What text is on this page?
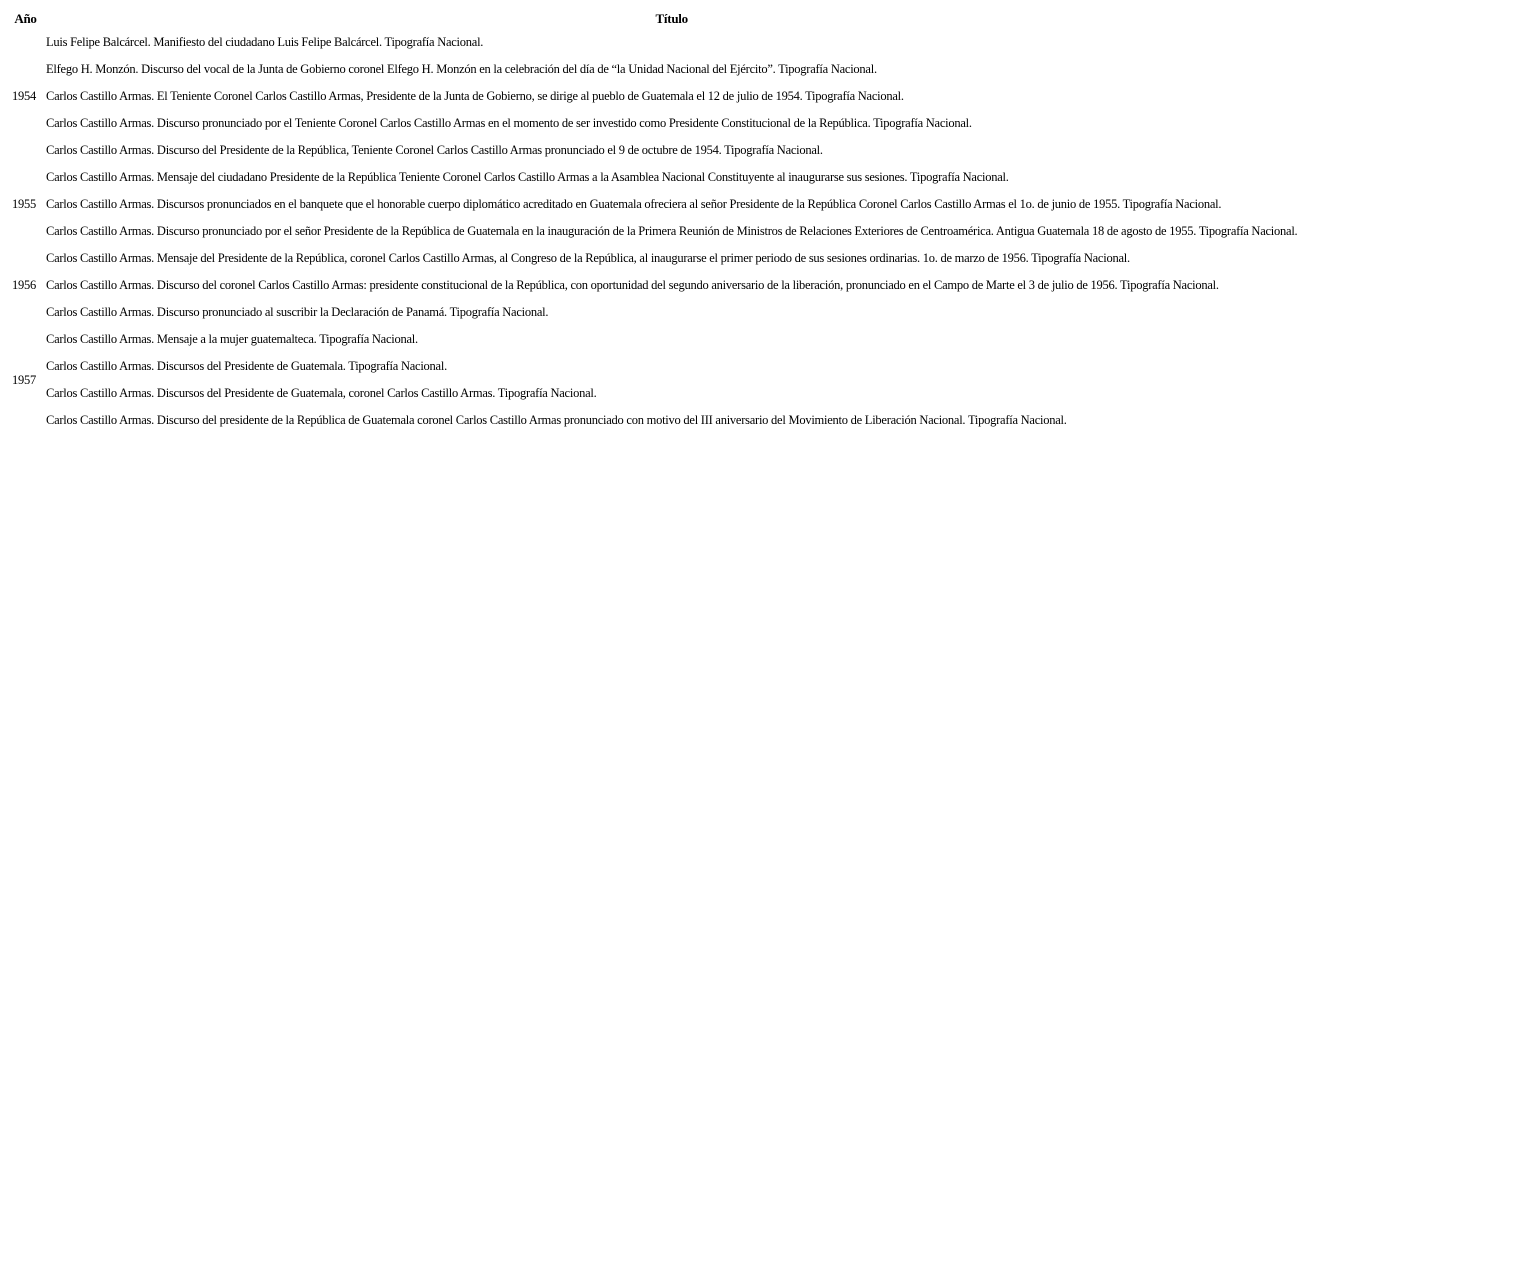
Año	Título
1954	Luis Felipe Balcárcel. Manifiesto del ciudadano Luis Felipe Balcárcel. Tipografía Nacional.
	Elfego H. Monzón. Discurso del vocal de la Junta de Gobierno coronel Elfego H. Monzón en la celebración del día de “la Unidad Nacional del Ejército”. Tipografía Nacional.
	Carlos Castillo Armas. El Teniente Coronel Carlos Castillo Armas, Presidente de la Junta de Gobierno, se dirige al pueblo de Guatemala el 12 de julio de 1954. Tipografía Nacional.
	Carlos Castillo Armas. Discurso pronunciado por el Teniente Coronel Carlos Castillo Armas en el momento de ser investido como Presidente Constitucional de la República. Tipografía Nacional.
	Carlos Castillo Armas. Discurso del Presidente de la República, Teniente Coronel Carlos Castillo Armas pronunciado el 9 de octubre de 1954. Tipografía Nacional.
1955	Carlos Castillo Armas. Mensaje del ciudadano Presidente de la República Teniente Coronel Carlos Castillo Armas a la Asamblea Nacional Constituyente al inaugurarse sus sesiones. Tipografía Nacional.
	Carlos Castillo Armas. Discursos pronunciados en el banquete que el honorable cuerpo diplomático acreditado en Guatemala ofreciera al señor Presidente de la República Coronel Carlos Castillo Armas el 1o. de junio de 1955. Tipografía Nacional.
	Carlos Castillo Armas. Discurso pronunciado por el señor Presidente de la República de Guatemala en la inauguración de la Primera Reunión de Ministros de Relaciones Exteriores de Centroamérica. Antigua Guatemala 18 de agosto de 1955. Tipografía Nacional.
1956	Carlos Castillo Armas. Mensaje del Presidente de la República, coronel Carlos Castillo Armas, al Congreso de la República, al inaugurarse el primer periodo de sus sesiones ordinarias. 1o. de marzo de 1956. Tipografía Nacional.
	Carlos Castillo Armas. Discurso del coronel Carlos Castillo Armas: presidente constitucional de la República, con oportunidad del segundo aniversario de la liberación, pronunciado en el Campo de Marte el 3 de julio de 1956. Tipografía Nacional.
	Carlos Castillo Armas. Discurso pronunciado al suscribir la Declaración de Panamá. Tipografía Nacional.
1957	Carlos Castillo Armas. Mensaje a la mujer guatemalteca. Tipografía Nacional.
	Carlos Castillo Armas. Discursos del Presidente de Guatemala. Tipografía Nacional.
	Carlos Castillo Armas. Discursos del Presidente de Guatemala, coronel Carlos Castillo Armas. Tipografía Nacional.
	Carlos Castillo Armas. Discurso del presidente de la República de Guatemala coronel Carlos Castillo Armas pronunciado con motivo del III aniversario del Movimiento de Liberación Nacional. Tipografía Nacional.
